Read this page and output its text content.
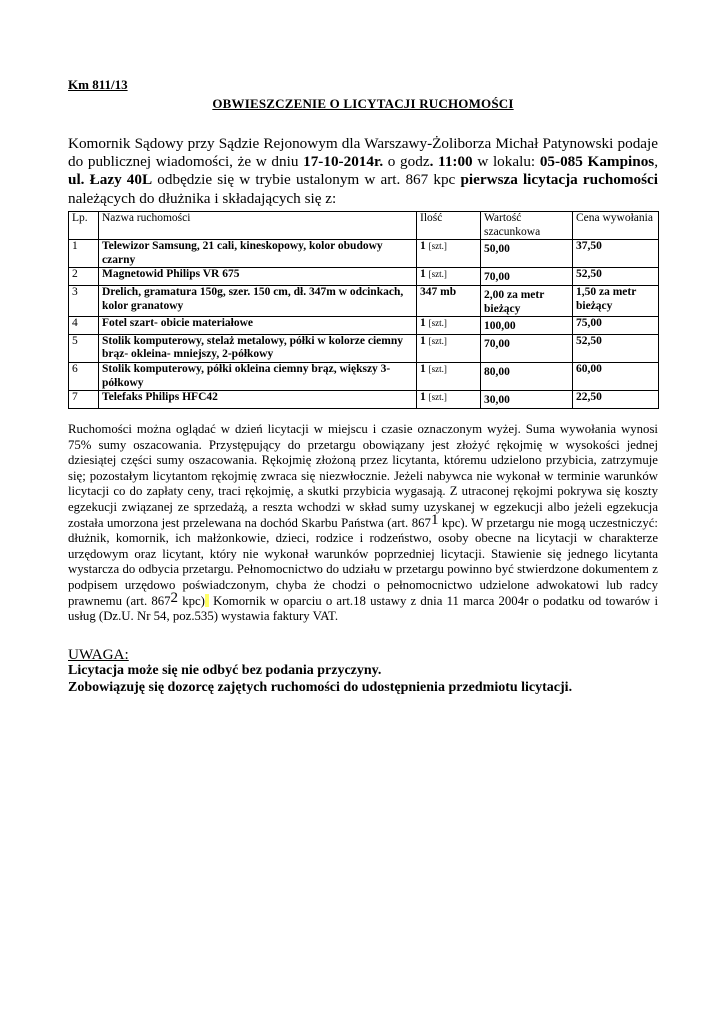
Km 811/13
OBWIESZCZENIE O LICYTACJI RUCHOMOŚCI
Komornik Sądowy przy Sądzie Rejonowym dla Warszawy-Żoliborza Michał Patynowski podaje do publicznej wiadomości, że w dniu 17-10-2014r. o godz. 11:00 w lokalu: 05-085 Kampinos, ul. Łazy 40L odbędzie się w trybie ustalonym w art. 867 kpc pierwsza licytacja ruchomości należących do dłużnika i składających się z:
Lp.	Nazwa ruchomości	Ilość	Wartość szacunkowa	Cena wywołania
1	Telewizor Samsung, 21 cali, kineskopowy, kolor obudowy czarny	1 [szt.]	50,00	37,50
2	Magnetowid Philips VR 675	1 [szt.]	70,00	52,50
3	Drelich, gramatura 150g, szer. 150 cm, dł. 347m w odcinkach, kolor granatowy	347 mb	2,00 za metr bieżący	1,50 za metr bieżący
4	Fotel szart- obicie materiałowe	1 [szt.]	100,00	75,00
5	Stolik komputerowy, stelaż metalowy, półki w kolorze ciemny brąz- okleina- mniejszy, 2-półkowy	1 [szt.]	70,00	52,50
6	Stolik komputerowy, półki okleina ciemny brąz, większy 3- półkowy	1 [szt.]	80,00	60,00
7	Telefaks Philips HFC42	1 [szt.]	30,00	22,50

Ruchomości można oglądać w dzień licytacji w miejscu i czasie oznaczonym wyżej. Suma wywołania wynosi 75% sumy oszacowania. Przystępujący do przetargu obowiązany jest złożyć rękojmię w wysokości jednej dziesiątej części sumy oszacowania. Rękojmię złożoną przez licytanta, któremu udzielono przybicia, zatrzymuje się; pozostałym licytantom rękojmię zwraca się niezwłocznie. Jeżeli nabywca nie wykonał w terminie warunków licytacji co do zapłaty ceny, traci rękojmię, a skutki przybicia wygasają. Z utraconej rękojmi pokrywa się koszty egzekucji związanej ze sprzedażą, a reszta wchodzi w skład sumy uzyskanej w egzekucji albo jeżeli egzekucja została umorzona jest przelewana na dochód Skarbu Państwa (art. $867^1$ kpc). W przetargu nie mogą uczestniczyć: dłużnik, komornik, ich małżonkowie, dzieci, rodzice i rodzeństwo, osoby obecne na licytacji w charakterze urzędowym oraz licytant, który nie wykonał warunków poprzedniej licytacji. Stawienie się jednego licytanta wystarcza do odbycia przetargu. Pełnomocnictwo do udziału w przetargu powinno być stwierdzone dokumentem z podpisem urzędowo poświadczonym, chyba że chodzi o pełnomocnictwo udzielone adwokatowi lub radcy prawnemu (art. $867^2$ kpc) Komornik w oparciu o art.18 ustawy z dnia 11 marca 2004r o podatku od towarów i usług (Dz.U. Nr 54, poz.535) wystawia faktury VAT.

UWAGA:
Licytacja może się nie odbyć bez podania przyczyny.
Zobowiązuję się dozorcę zajętych ruchomości do udostępnienia przedmiotu licytacji.
